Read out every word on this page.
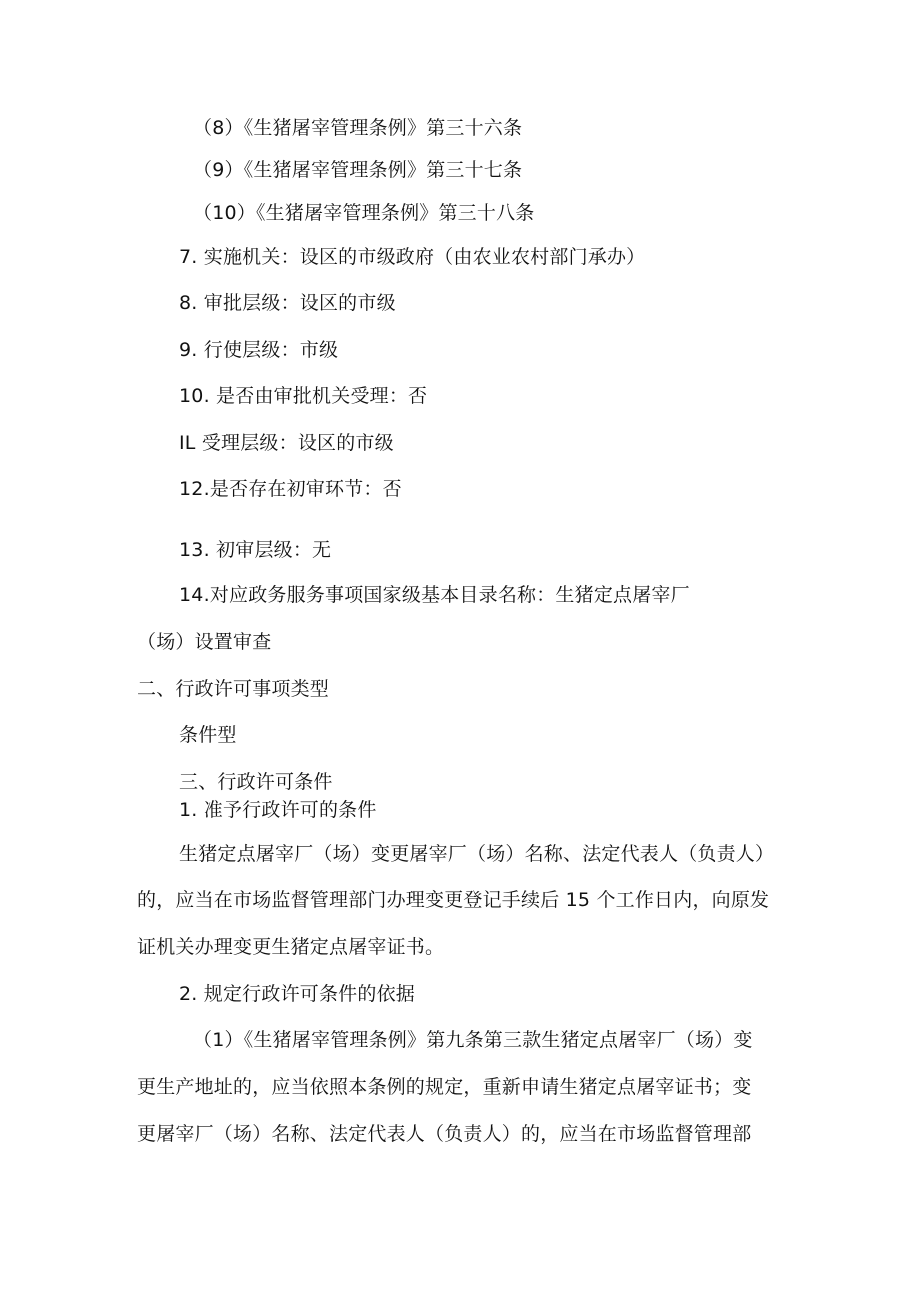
（8）《生猪屠宰管理条例》第三十六条
（9）《生猪屠宰管理条例》第三十七条
（10）《生猪屠宰管理条例》第三十八条
7. 实施机关：设区的市级政府（由农业农村部门承办）
8. 审批层级：设区的市级
9. 行使层级：市级
10. 是否由审批机关受理：否
IL 受理层级：设区的市级
12.是否存在初审环节：否
13. 初审层级：无
14.对应政务服务事项国家级基本目录名称：生猪定点屠宰厂
（场）设置审查
二、行政许可事项类型
条件型
三、行政许可条件
1. 准予行政许可的条件
生猪定点屠宰厂（场）变更屠宰厂（场）名称、法定代表人（负责人）
的，应当在市场监督管理部门办理变更登记手续后 15 个工作日内，向原发
证机关办理变更生猪定点屠宰证书。
2. 规定行政许可条件的依据
（1）《生猪屠宰管理条例》第九条第三款生猪定点屠宰厂（场）变
更生产地址的，应当依照本条例的规定，重新申请生猪定点屠宰证书；变
更屠宰厂（场）名称、法定代表人（负责人）的，应当在市场监督管理部
